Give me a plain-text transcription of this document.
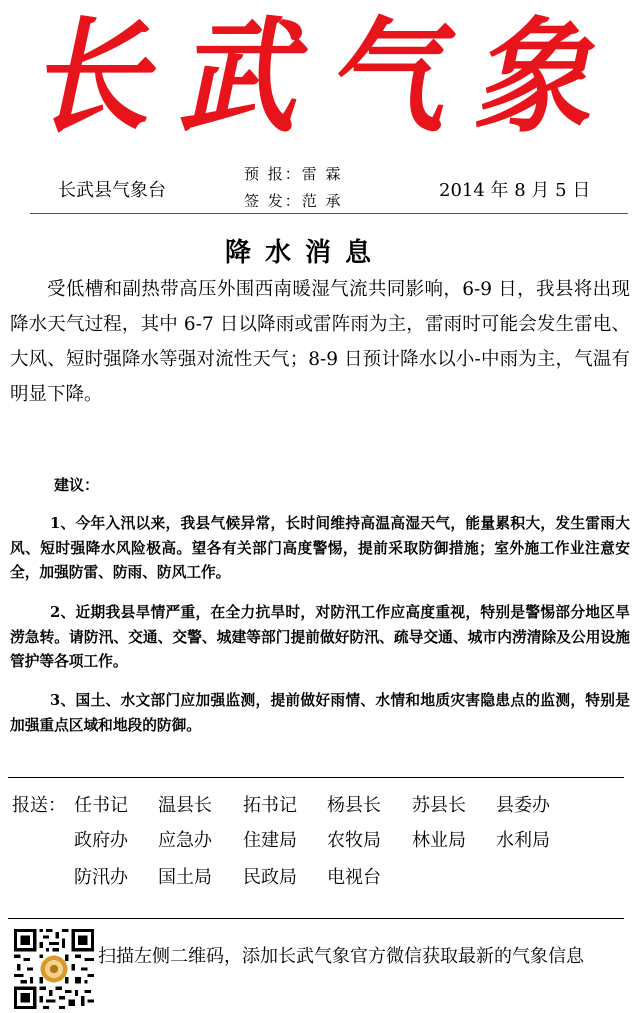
长
武
气
象
长武县气象台
预 报：雷 霖
签 发：范 承	2014 年 8 月 5 日
降水消息
受低槽和副热带高压外围西南暖湿气流共同影响，6-9 日，我县将出现降水天气过程，其中 6-7 日以降雨或雷阵雨为主，雷雨时可能会发生雷电、大风、短时强降水等强对流性天气；8-9 日预计降水以小-中雨为主，气温有明显下降。
建议：
1、今年入汛以来，我县气候异常，长时间维持高温高湿天气，能量累积大，发生雷雨大风、短时强降水风险极高。望各有关部门高度警惕，提前采取防御措施；室外施工作业注意安全，加强防雷、防雨、防风工作。
2、近期我县旱情严重，在全力抗旱时，对防汛工作应高度重视，特别是警惕部分地区旱涝急转。请防汛、交通、交警、城建等部门提前做好防汛、疏导交通、城市内涝清除及公用设施管护等各项工作。
3、国土、水文部门应加强监测，提前做好雨情、水情和地质灾害隐患点的监测，特别是加强重点区域和地段的防御。
报送： 任书记 温县长 拓书记 杨县长 苏县长 县委办
政府办 应急办 住建局 农牧局 林业局 水利局
防汛办 国土局 民政局 电视台
扫描左侧二维码，添加长武气象官方微信获取最新的气象信息
